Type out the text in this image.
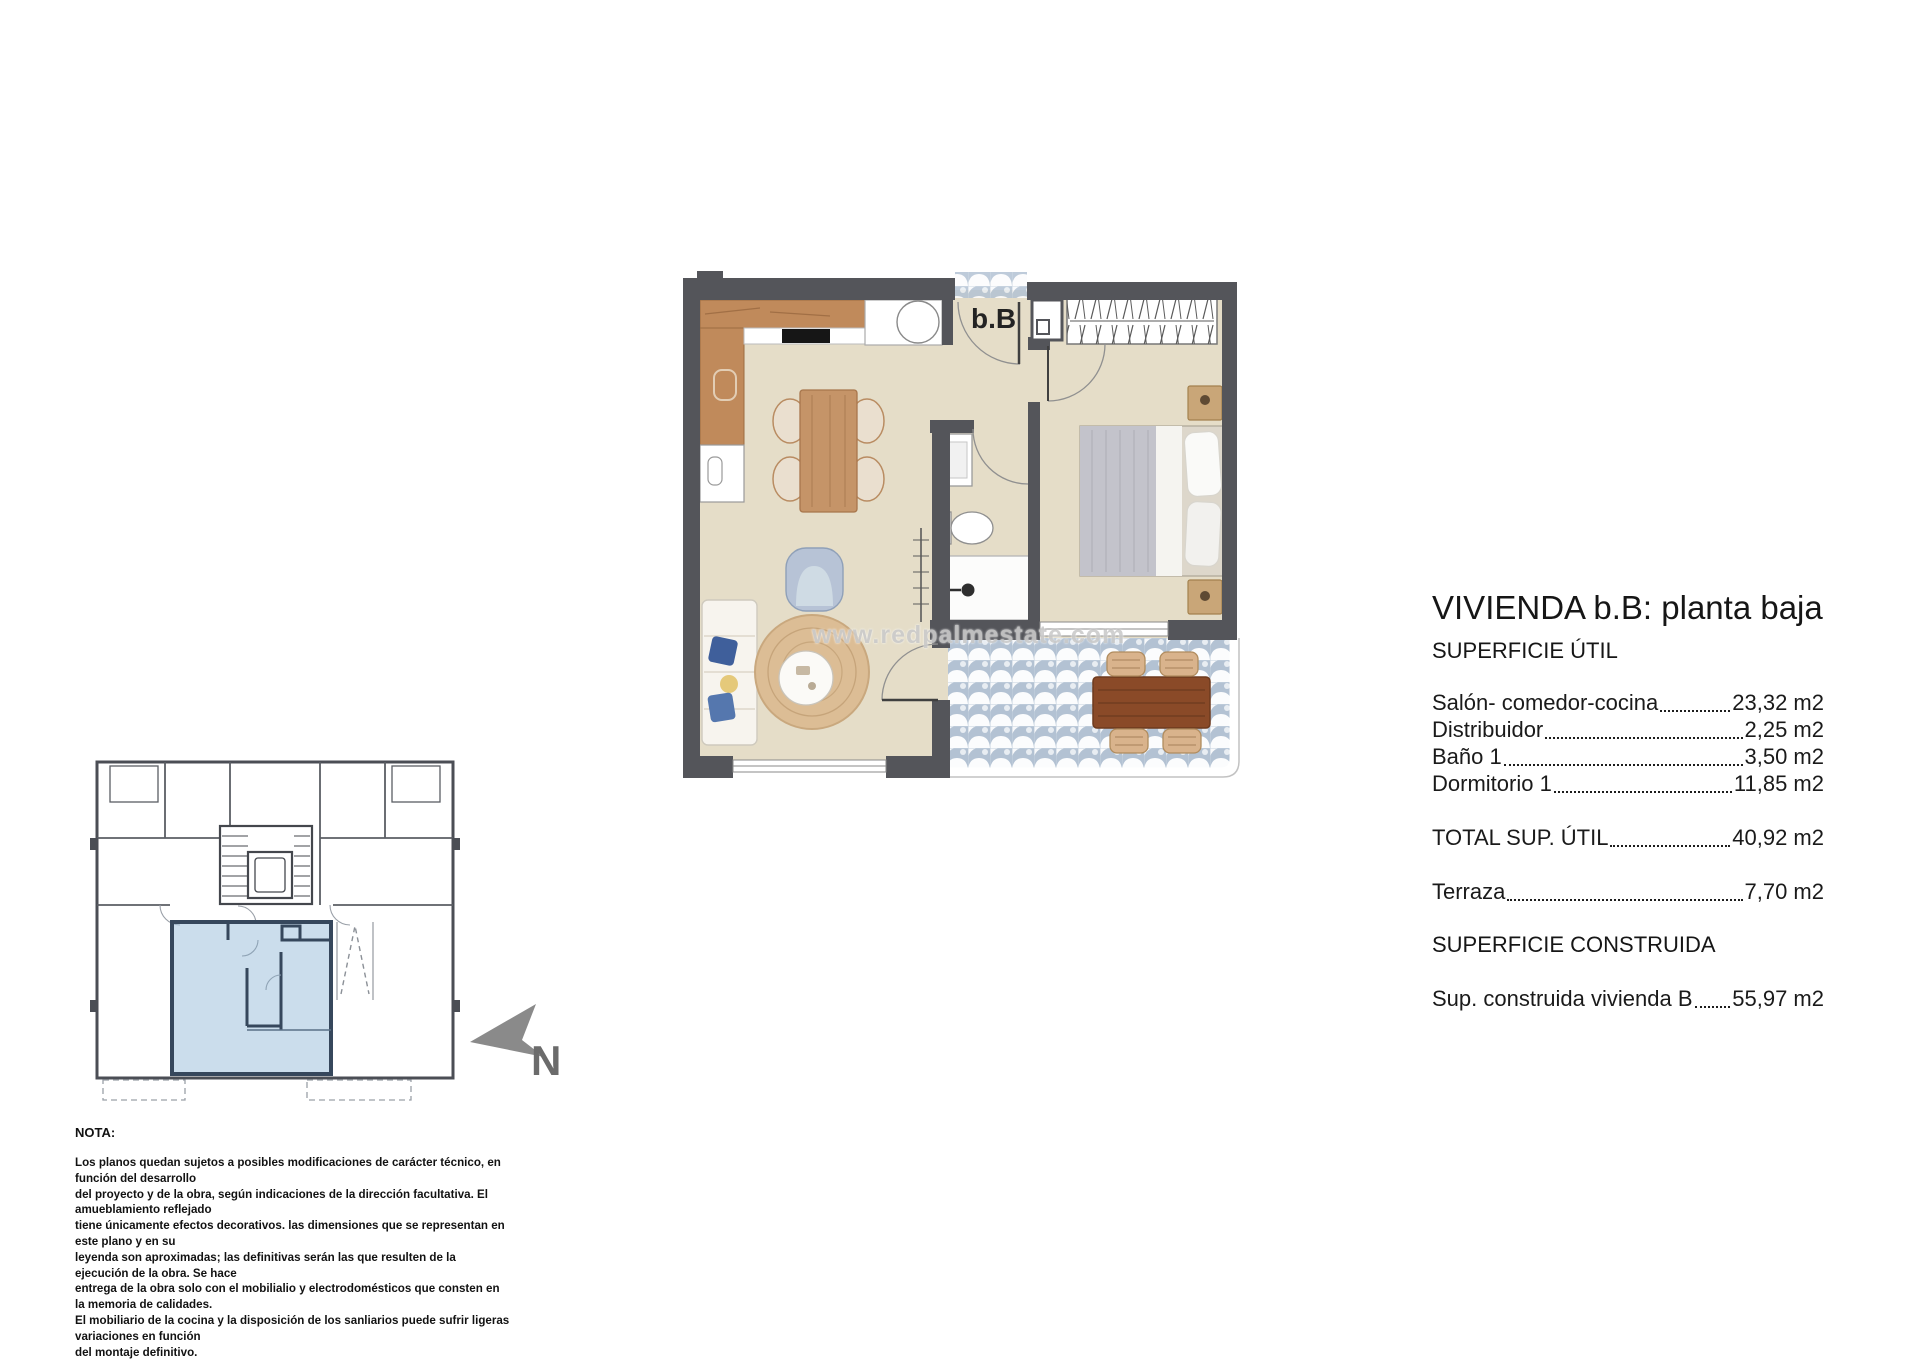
b.B
www.redpalmestate.com
N
VIVIENDA b.B: planta baja
SUPERFICIE ÚTIL
Salón- comedor-cocina	23,32 m2
Distribuidor	2,25 m2
Baño 1	3,50 m2
Dormitorio 1	11,85 m2
TOTAL SUP. ÚTIL	40,92 m2
Terraza	7,70 m2
SUPERFICIE CONSTRUIDA
Sup. construida vivienda B 55,97 m2
NOTA:
Los planos quedan sujetos a posibles modificaciones de carácter técnico, en función del desarrollo
del proyecto y de la obra, según indicaciones de la dirección facultativa. El amueblamiento reflejado
tiene únicamente efectos decorativos. las dimensiones que se representan en este plano y en su
leyenda son aproximadas; las definitivas serán las que resulten de la ejecución de la obra. Se hace
entrega de la obra solo con el mobilialio y electrodomésticos que consten en la memoria de calidades.
El mobiliario de la cocina y la disposición de los sanliarios puede sufrir ligeras variaciones en función
del montaje definitivo.
